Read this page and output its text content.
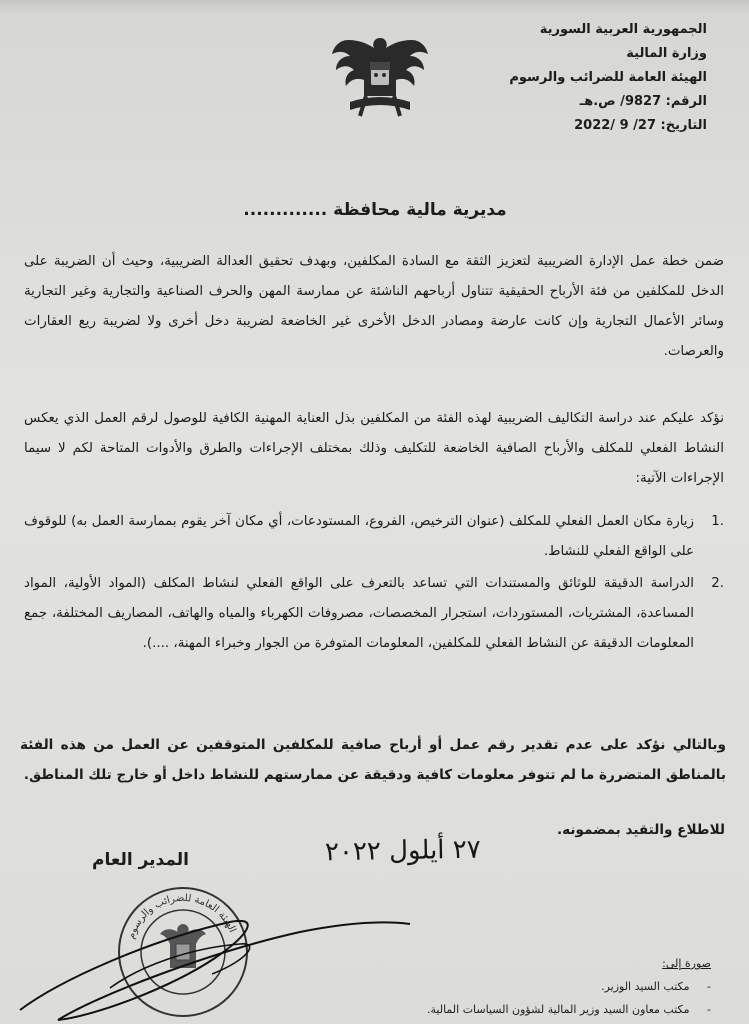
الجمهورية العربية السورية
وزارة المالية
الهيئة العامة للضرائب والرسوم
الرقم: 9827/ ص.هـ
التاريخ: 27/ 9 /2022
مديرية مالية محافظة .............
ضمن خطة عمل الإدارة الضريبية لتعزيز الثقة مع السادة المكلفين، وبهدف تحقيق العدالة الضريبية، وحيث أن الضريبة على الدخل للمكلفين من فئة الأرباح الحقيقية تتناول أرباحهم الناشئة عن ممارسة المهن والحرف الصناعية والتجارية وغير التجارية وسائر الأعمال التجارية وإن كانت عارضة ومصادر الدخل الأخرى غير الخاضعة لضريبة دخل أخرى ولا لضريبة ريع العقارات والعرصات.
نؤكد عليكم عند دراسة التكاليف الضريبية لهذه الفئة من المكلفين بذل العناية المهنية الكافية للوصول لرقم العمل الذي يعكس النشاط الفعلي للمكلف والأرباح الصافية الخاضعة للتكليف وذلك بمختلف الإجراءات والطرق والأدوات المتاحة لكم لا سيما الإجراءات الآتية:
.1
زيارة مكان العمل الفعلي للمكلف (عنوان الترخيص، الفروع، المستودعات، أي مكان آخر يقوم بممارسة العمل به) للوقوف على الواقع الفعلي للنشاط.
.2
الدراسة الدقيقة للوثائق والمستندات التي تساعد بالتعرف على الواقع الفعلي لنشاط المكلف (المواد الأولية، المواد المساعدة، المشتريات، المستوردات، استجرار المخصصات، مصروفات الكهرباء والمياه والهاتف، المصاريف المختلفة، جمع المعلومات الدقيقة عن النشاط الفعلي للمكلفين، المعلومات المتوفرة من الجوار وخبراء المهنة، ....).
وبالتالي نؤكد على عدم تقدير رقم عمل أو أرباح صافية للمكلفين المتوقفين عن العمل من هذه الفئة بالمناطق المتضررة ما لم تتوفر معلومات كافية ودقيقة عن ممارستهم للنشاط داخل أو خارج تلك المناطق.
للاطلاع والتقيد بمضمونه.
٢٧ أيلول ٢٠٢٢
المدير العام
الهيئة العامة للضرائب والرسوم
صورة إلى:
- مكتب السيد الوزير.
- مكتب معاون السيد وزير المالية لشؤون السياسات المالية.
